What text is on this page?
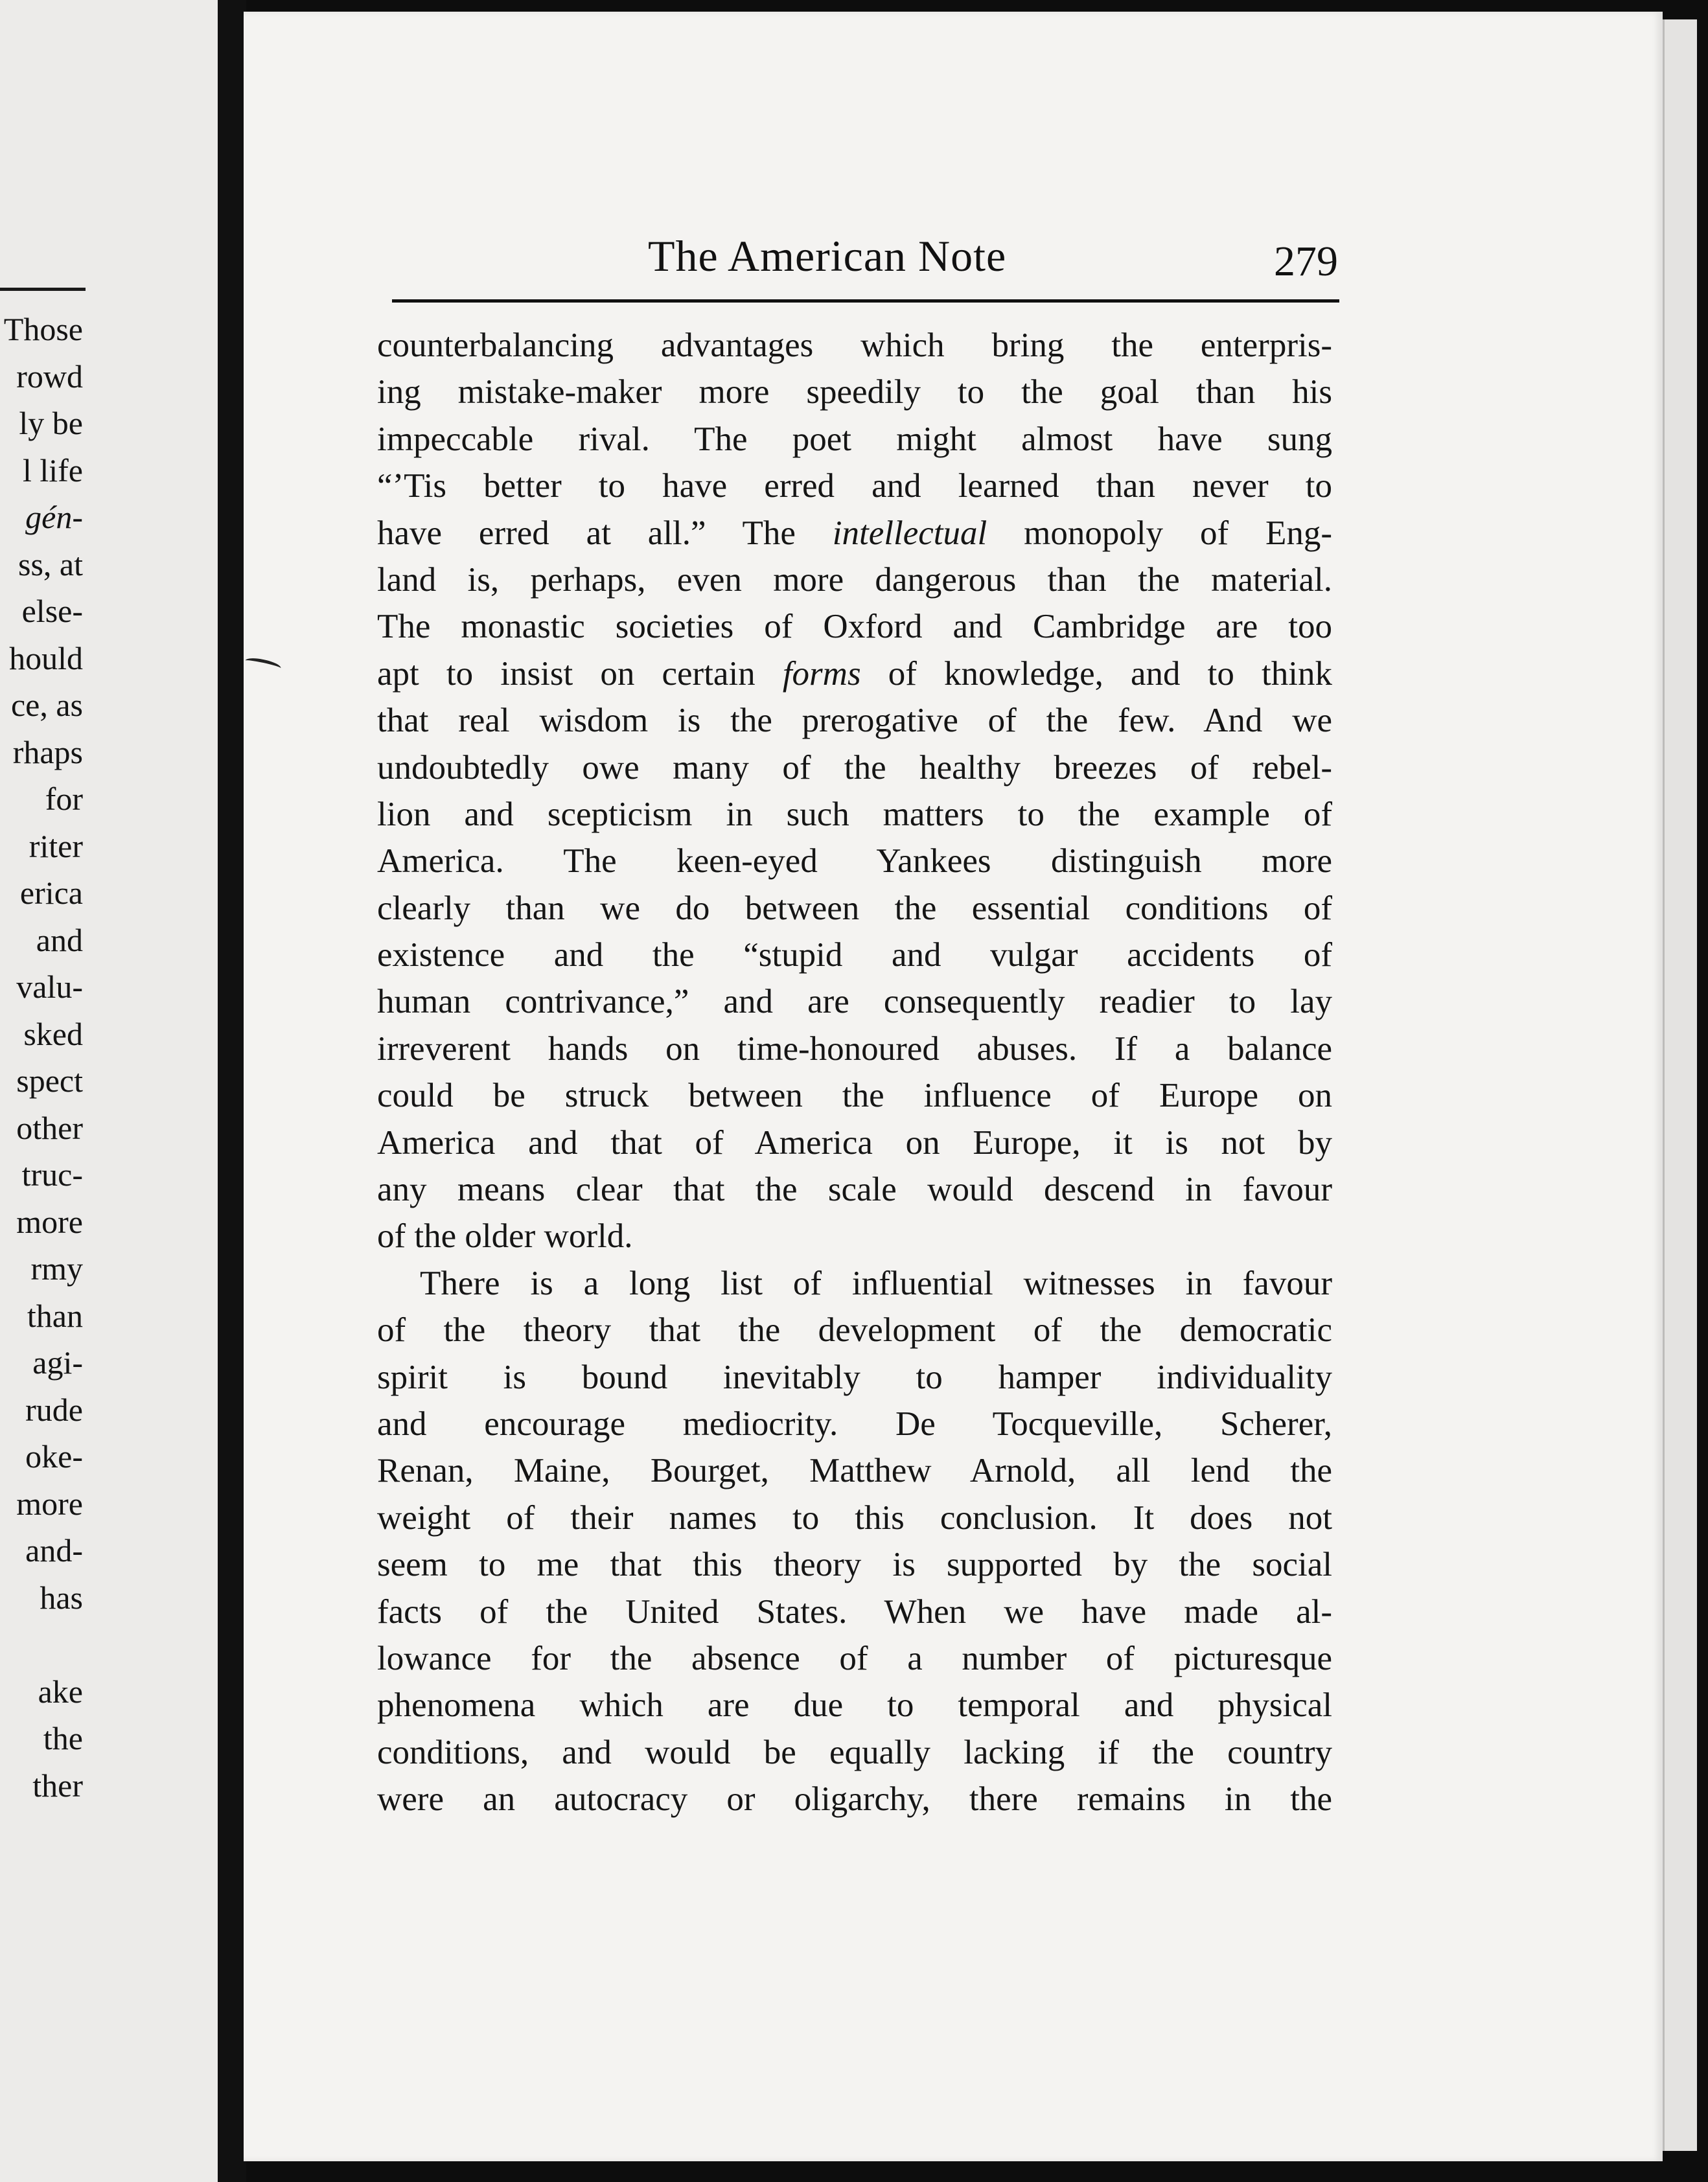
Those
rowd
ly be
l life
gén-
ss, at
else-
hould
ce, as
rhaps
for
riter
erica
and
valu-
sked
spect
other
truc-
more
rmy
than
agi-
rude
oke-
more
and-
has
ake
the
ther
The American Note	279
counterbalancing advantages which bring the enterpris-
ing mistake-maker more speedily to the goal than his
impeccable rival. The poet might almost have sung
“’Tis better to have erred and learned than never to
have erred at all.” The intellectual monopoly of Eng-
land is, perhaps, even more dangerous than the material.
The monastic societies of Oxford and Cambridge are too
apt to insist on certain forms of knowledge, and to think
that real wisdom is the prerogative of the few. And we
undoubtedly owe many of the healthy breezes of rebel-
lion and scepticism in such matters to the example of
America. The keen-eyed Yankees distinguish more
clearly than we do between the essential conditions of
existence and the “stupid and vulgar accidents of
human contrivance,” and are consequently readier to lay
irreverent hands on time-honoured abuses. If a balance
could be struck between the influence of Europe on
America and that of America on Europe, it is not by
any means clear that the scale would descend in favour
of the older world.
There is a long list of influential witnesses in favour
of the theory that the development of the democratic
spirit is bound inevitably to hamper individuality
and encourage mediocrity. De Tocqueville, Scherer,
Renan, Maine, Bourget, Matthew Arnold, all lend the
weight of their names to this conclusion. It does not
seem to me that this theory is supported by the social
facts of the United States. When we have made al-
lowance for the absence of a number of picturesque
phenomena which are due to temporal and physical
conditions, and would be equally lacking if the country
were an autocracy or oligarchy, there remains in the
